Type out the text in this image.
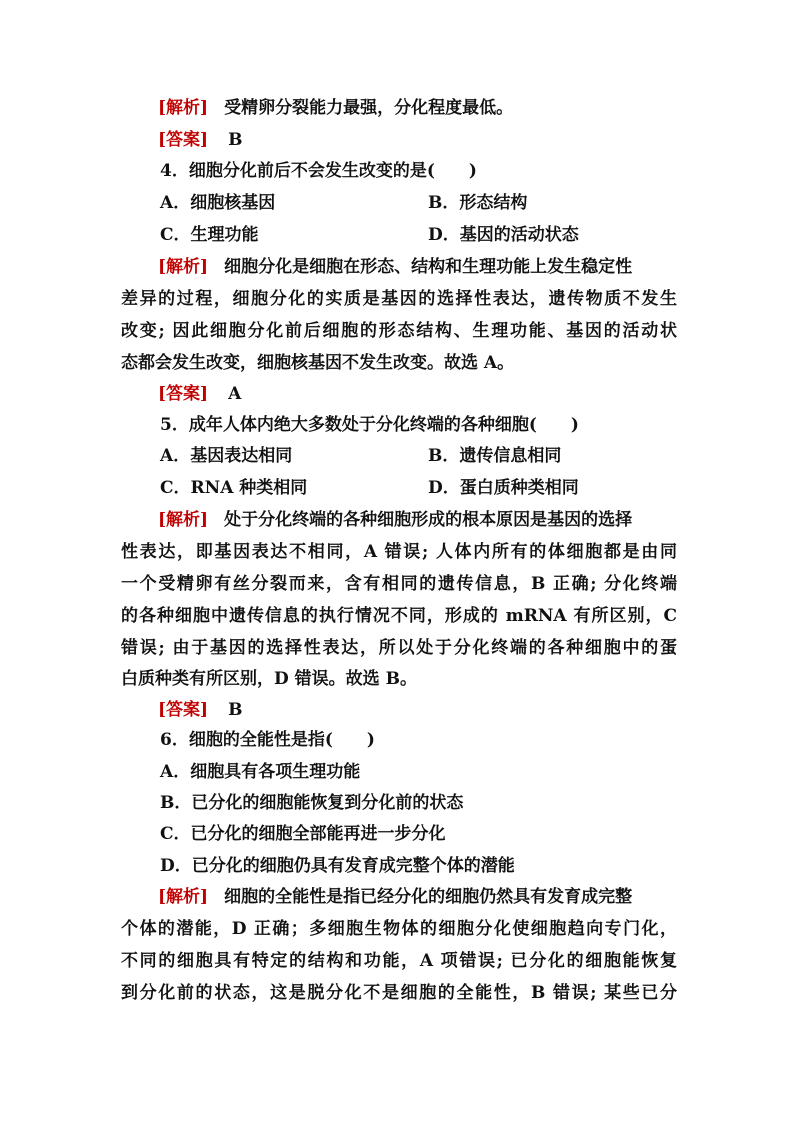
[解析] 受精卵分裂能力最强，分化程度最低。
[答案] B
4．细胞分化前后不会发生改变的是(　　)
A．细胞核基因	B．形态结构
C．生理功能	D．基因的活动状态
[解析] 细胞分化是细胞在形态、结构和生理功能上发生稳定性
差异的过程，细胞分化的实质是基因的选择性表达，遗传物质不发生
改变; 因此细胞分化前后细胞的形态结构、生理功能、基因的活动状
态都会发生改变，细胞核基因不发生改变。故选 A。
[答案] A
5．成年人体内绝大多数处于分化终端的各种细胞(　　)
A．基因表达相同	B．遗传信息相同
C．RNA 种类相同	D．蛋白质种类相同
[解析] 处于分化终端的各种细胞形成的根本原因是基因的选择
性表达，即基因表达不相同，A 错误; 人体内所有的体细胞都是由同
一个受精卵有丝分裂而来，含有相同的遗传信息，B 正确; 分化终端
的各种细胞中遗传信息的执行情况不同，形成的 mRNA 有所区别，C
错误; 由于基因的选择性表达，所以处于分化终端的各种细胞中的蛋
白质种类有所区别，D 错误。故选 B。
[答案] B
6．细胞的全能性是指(　　)
A．细胞具有各项生理功能
B．已分化的细胞能恢复到分化前的状态
C．已分化的细胞全部能再进一步分化
D．已分化的细胞仍具有发育成完整个体的潜能
[解析] 细胞的全能性是指已经分化的细胞仍然具有发育成完整
个体的潜能，D 正确；多细胞生物体的细胞分化使细胞趋向专门化，
不同的细胞具有特定的结构和功能，A 项错误; 已分化的细胞能恢复
到分化前的状态，这是脱分化不是细胞的全能性，B 错误; 某些已分
